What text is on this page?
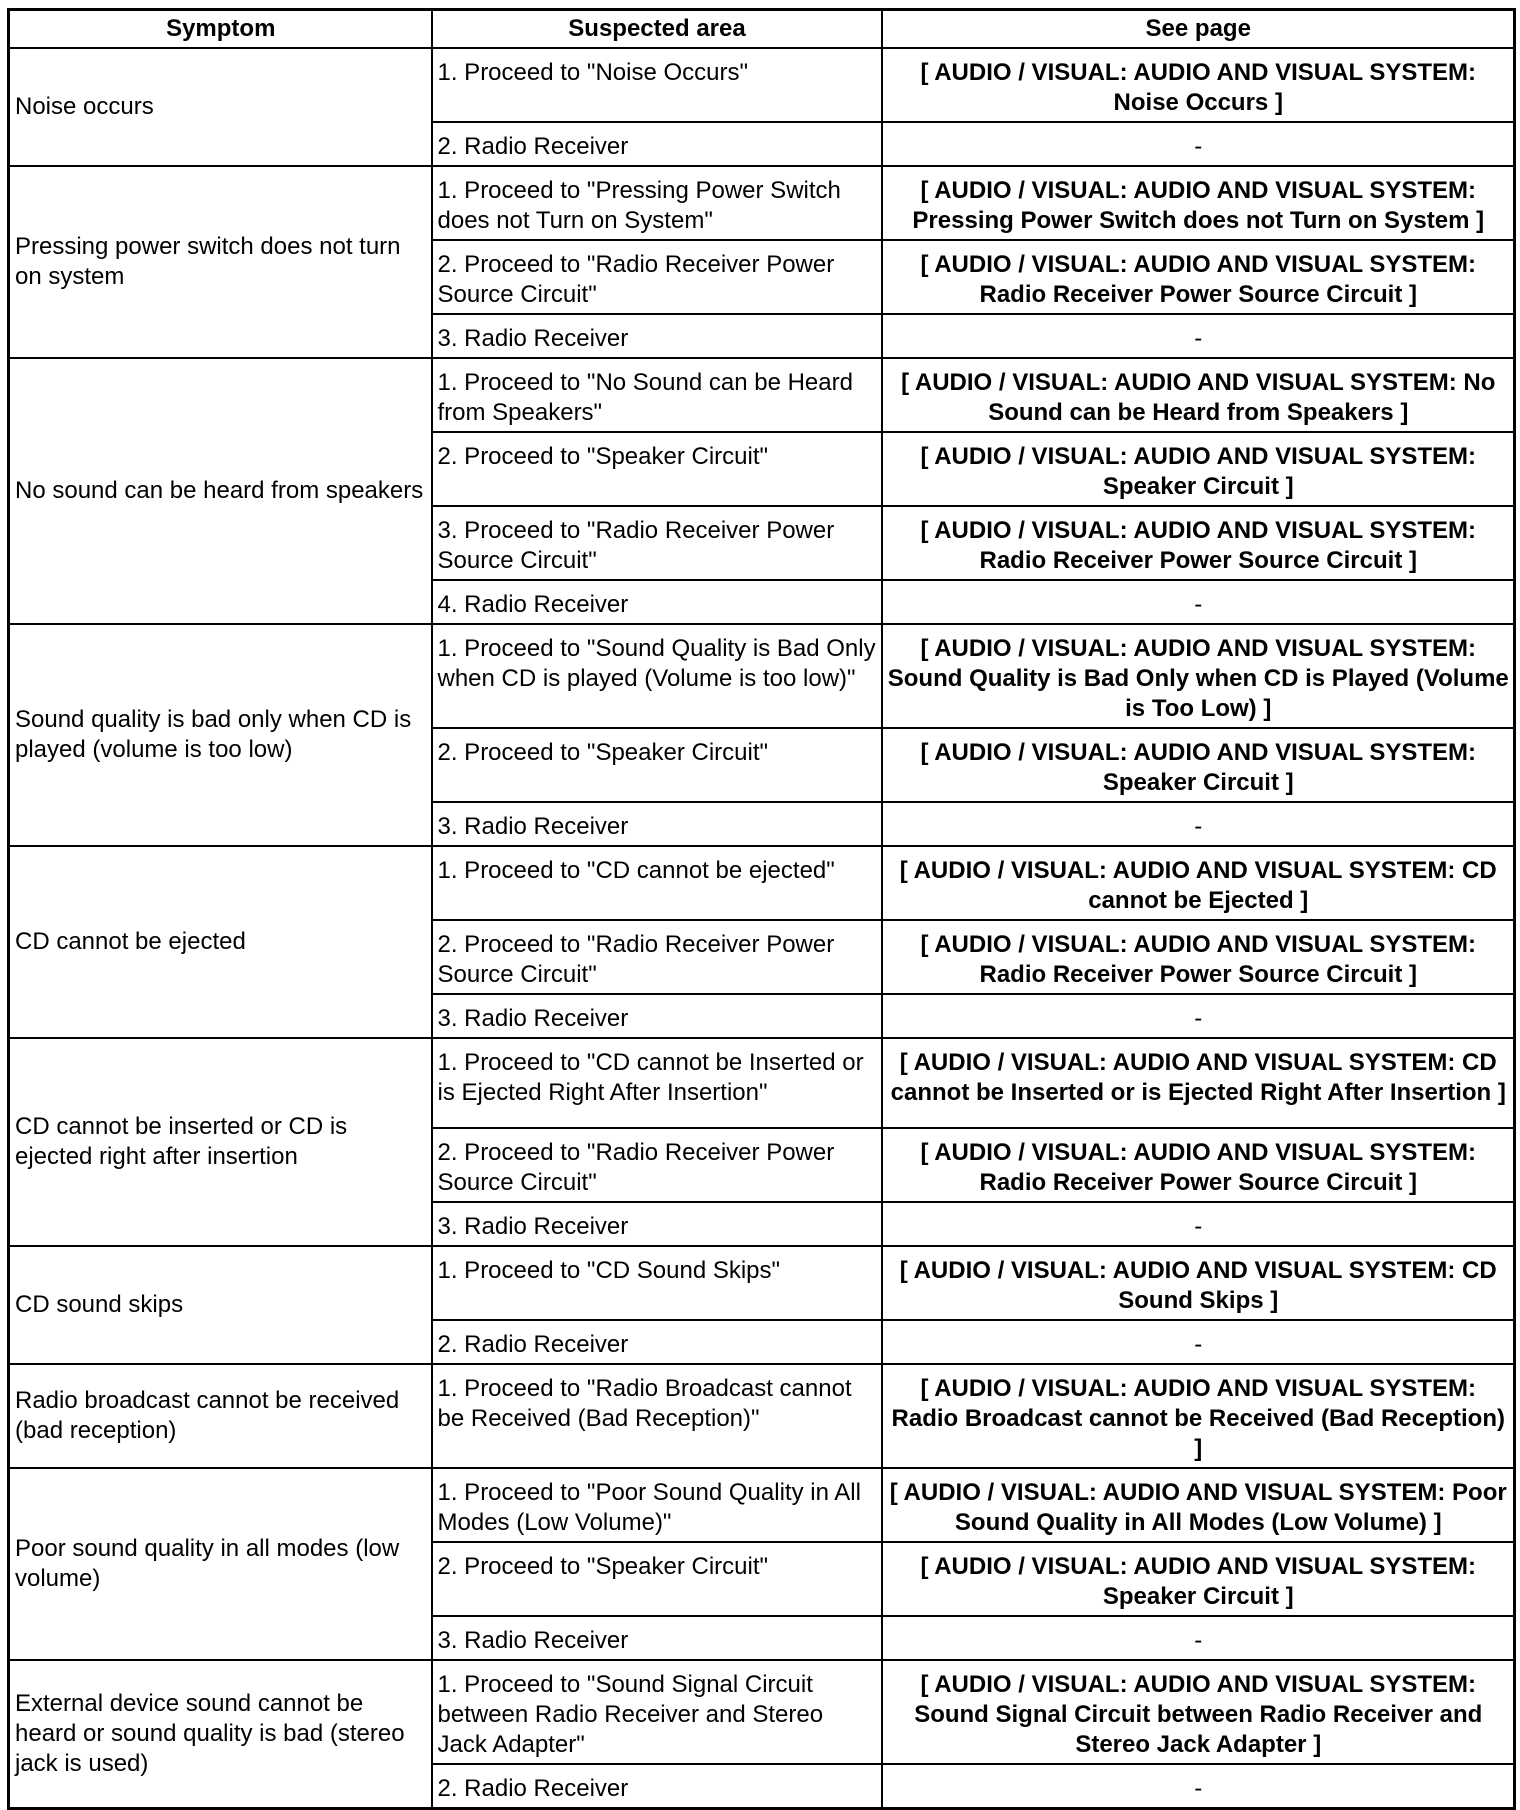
Symptom	Suspected area	See page
Noise occurs	1. Proceed to "Noise Occurs"	[ AUDIO / VISUAL: AUDIO AND VISUAL SYSTEM: Noise Occurs ]
	2. Radio Receiver	-
Pressing power switch does not turn on system	1. Proceed to "Pressing Power Switch does not Turn on System"	[ AUDIO / VISUAL: AUDIO AND VISUAL SYSTEM: Pressing Power Switch does not Turn on System ]
	2. Proceed to "Radio Receiver Power Source Circuit"	[ AUDIO / VISUAL: AUDIO AND VISUAL SYSTEM: Radio Receiver Power Source Circuit ]
	3. Radio Receiver	-
No sound can be heard from speakers	1. Proceed to "No Sound can be Heard from Speakers"	[ AUDIO / VISUAL: AUDIO AND VISUAL SYSTEM: No Sound can be Heard from Speakers ]
	2. Proceed to "Speaker Circuit"	[ AUDIO / VISUAL: AUDIO AND VISUAL SYSTEM: Speaker Circuit ]
	3. Proceed to "Radio Receiver Power Source Circuit"	[ AUDIO / VISUAL: AUDIO AND VISUAL SYSTEM: Radio Receiver Power Source Circuit ]
	4. Radio Receiver	-
Sound quality is bad only when CD is played (volume is too low)	1. Proceed to "Sound Quality is Bad Only when CD is played (Volume is too low)"	[ AUDIO / VISUAL: AUDIO AND VISUAL SYSTEM: Sound Quality is Bad Only when CD is Played (Volume is Too Low) ]
	2. Proceed to "Speaker Circuit"	[ AUDIO / VISUAL: AUDIO AND VISUAL SYSTEM: Speaker Circuit ]
	3. Radio Receiver	-
CD cannot be ejected	1. Proceed to "CD cannot be ejected"	[ AUDIO / VISUAL: AUDIO AND VISUAL SYSTEM: CD cannot be Ejected ]
	2. Proceed to "Radio Receiver Power Source Circuit"	[ AUDIO / VISUAL: AUDIO AND VISUAL SYSTEM: Radio Receiver Power Source Circuit ]
	3. Radio Receiver	-
CD cannot be inserted or CD is ejected right after insertion	1. Proceed to "CD cannot be Inserted or is Ejected Right After Insertion"	[ AUDIO / VISUAL: AUDIO AND VISUAL SYSTEM: CD cannot be Inserted or is Ejected Right After Insertion ]
	2. Proceed to "Radio Receiver Power Source Circuit"	[ AUDIO / VISUAL: AUDIO AND VISUAL SYSTEM: Radio Receiver Power Source Circuit ]
	3. Radio Receiver	-
CD sound skips	1. Proceed to "CD Sound Skips"	[ AUDIO / VISUAL: AUDIO AND VISUAL SYSTEM: CD Sound Skips ]
	2. Radio Receiver	-
Radio broadcast cannot be received (bad reception)	1. Proceed to "Radio Broadcast cannot be Received (Bad Reception)"	[ AUDIO / VISUAL: AUDIO AND VISUAL SYSTEM: Radio Broadcast cannot be Received (Bad Reception) ]
Poor sound quality in all modes (low volume)	1. Proceed to "Poor Sound Quality in All Modes (Low Volume)"	[ AUDIO / VISUAL: AUDIO AND VISUAL SYSTEM: Poor Sound Quality in All Modes (Low Volume) ]
	2. Proceed to "Speaker Circuit"	[ AUDIO / VISUAL: AUDIO AND VISUAL SYSTEM: Speaker Circuit ]
	3. Radio Receiver	-
External device sound cannot be heard or sound quality is bad (stereo jack is used)	1. Proceed to "Sound Signal Circuit between Radio Receiver and Stereo Jack Adapter"	[ AUDIO / VISUAL: AUDIO AND VISUAL SYSTEM: Sound Signal Circuit between Radio Receiver and Stereo Jack Adapter ]
	2. Radio Receiver	-
